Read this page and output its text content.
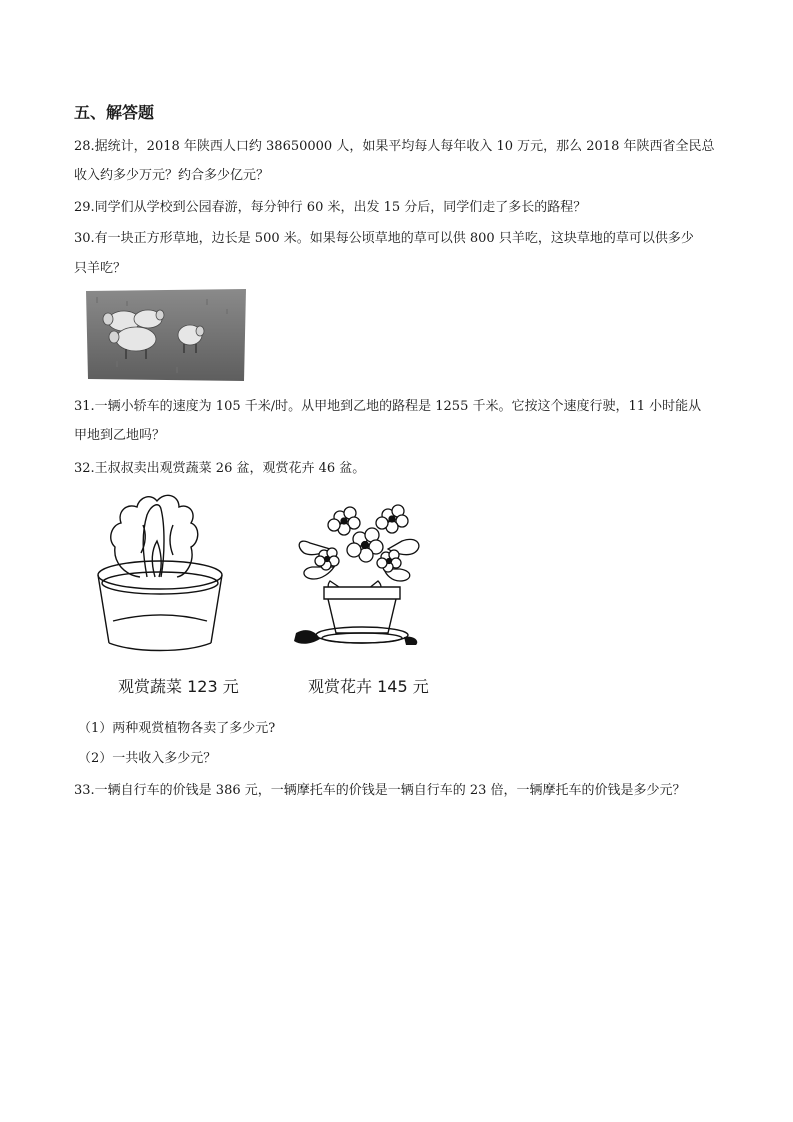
五、解答题
28.据统计，2018 年陕西人口约 38650000 人，如果平均每人每年收入 10 万元，那么 2018 年陕西省全民总
收入约多少万元？约合多少亿元？
29.同学们从学校到公园春游，每分钟行 60 米，出发 15 分后，同学们走了多长的路程？
30.有一块正方形草地，边长是 500 米。如果每公顷草地的草可以供 800 只羊吃，这块草地的草可以供多少
只羊吃？
31.一辆小轿车的速度为 105 千米/时。从甲地到乙地的路程是 1255 千米。它按这个速度行驶，11 小时能从
甲地到乙地吗？
32.王叔叔卖出观赏蔬菜 26 盆，观赏花卉 46 盆。
观赏蔬菜 123 元	观赏花卉 145 元
（1）两种观赏植物各卖了多少元?
（2）一共收入多少元？
33.一辆自行车的价钱是 386 元，一辆摩托车的价钱是一辆自行车的 23 倍，一辆摩托车的价钱是多少元？
